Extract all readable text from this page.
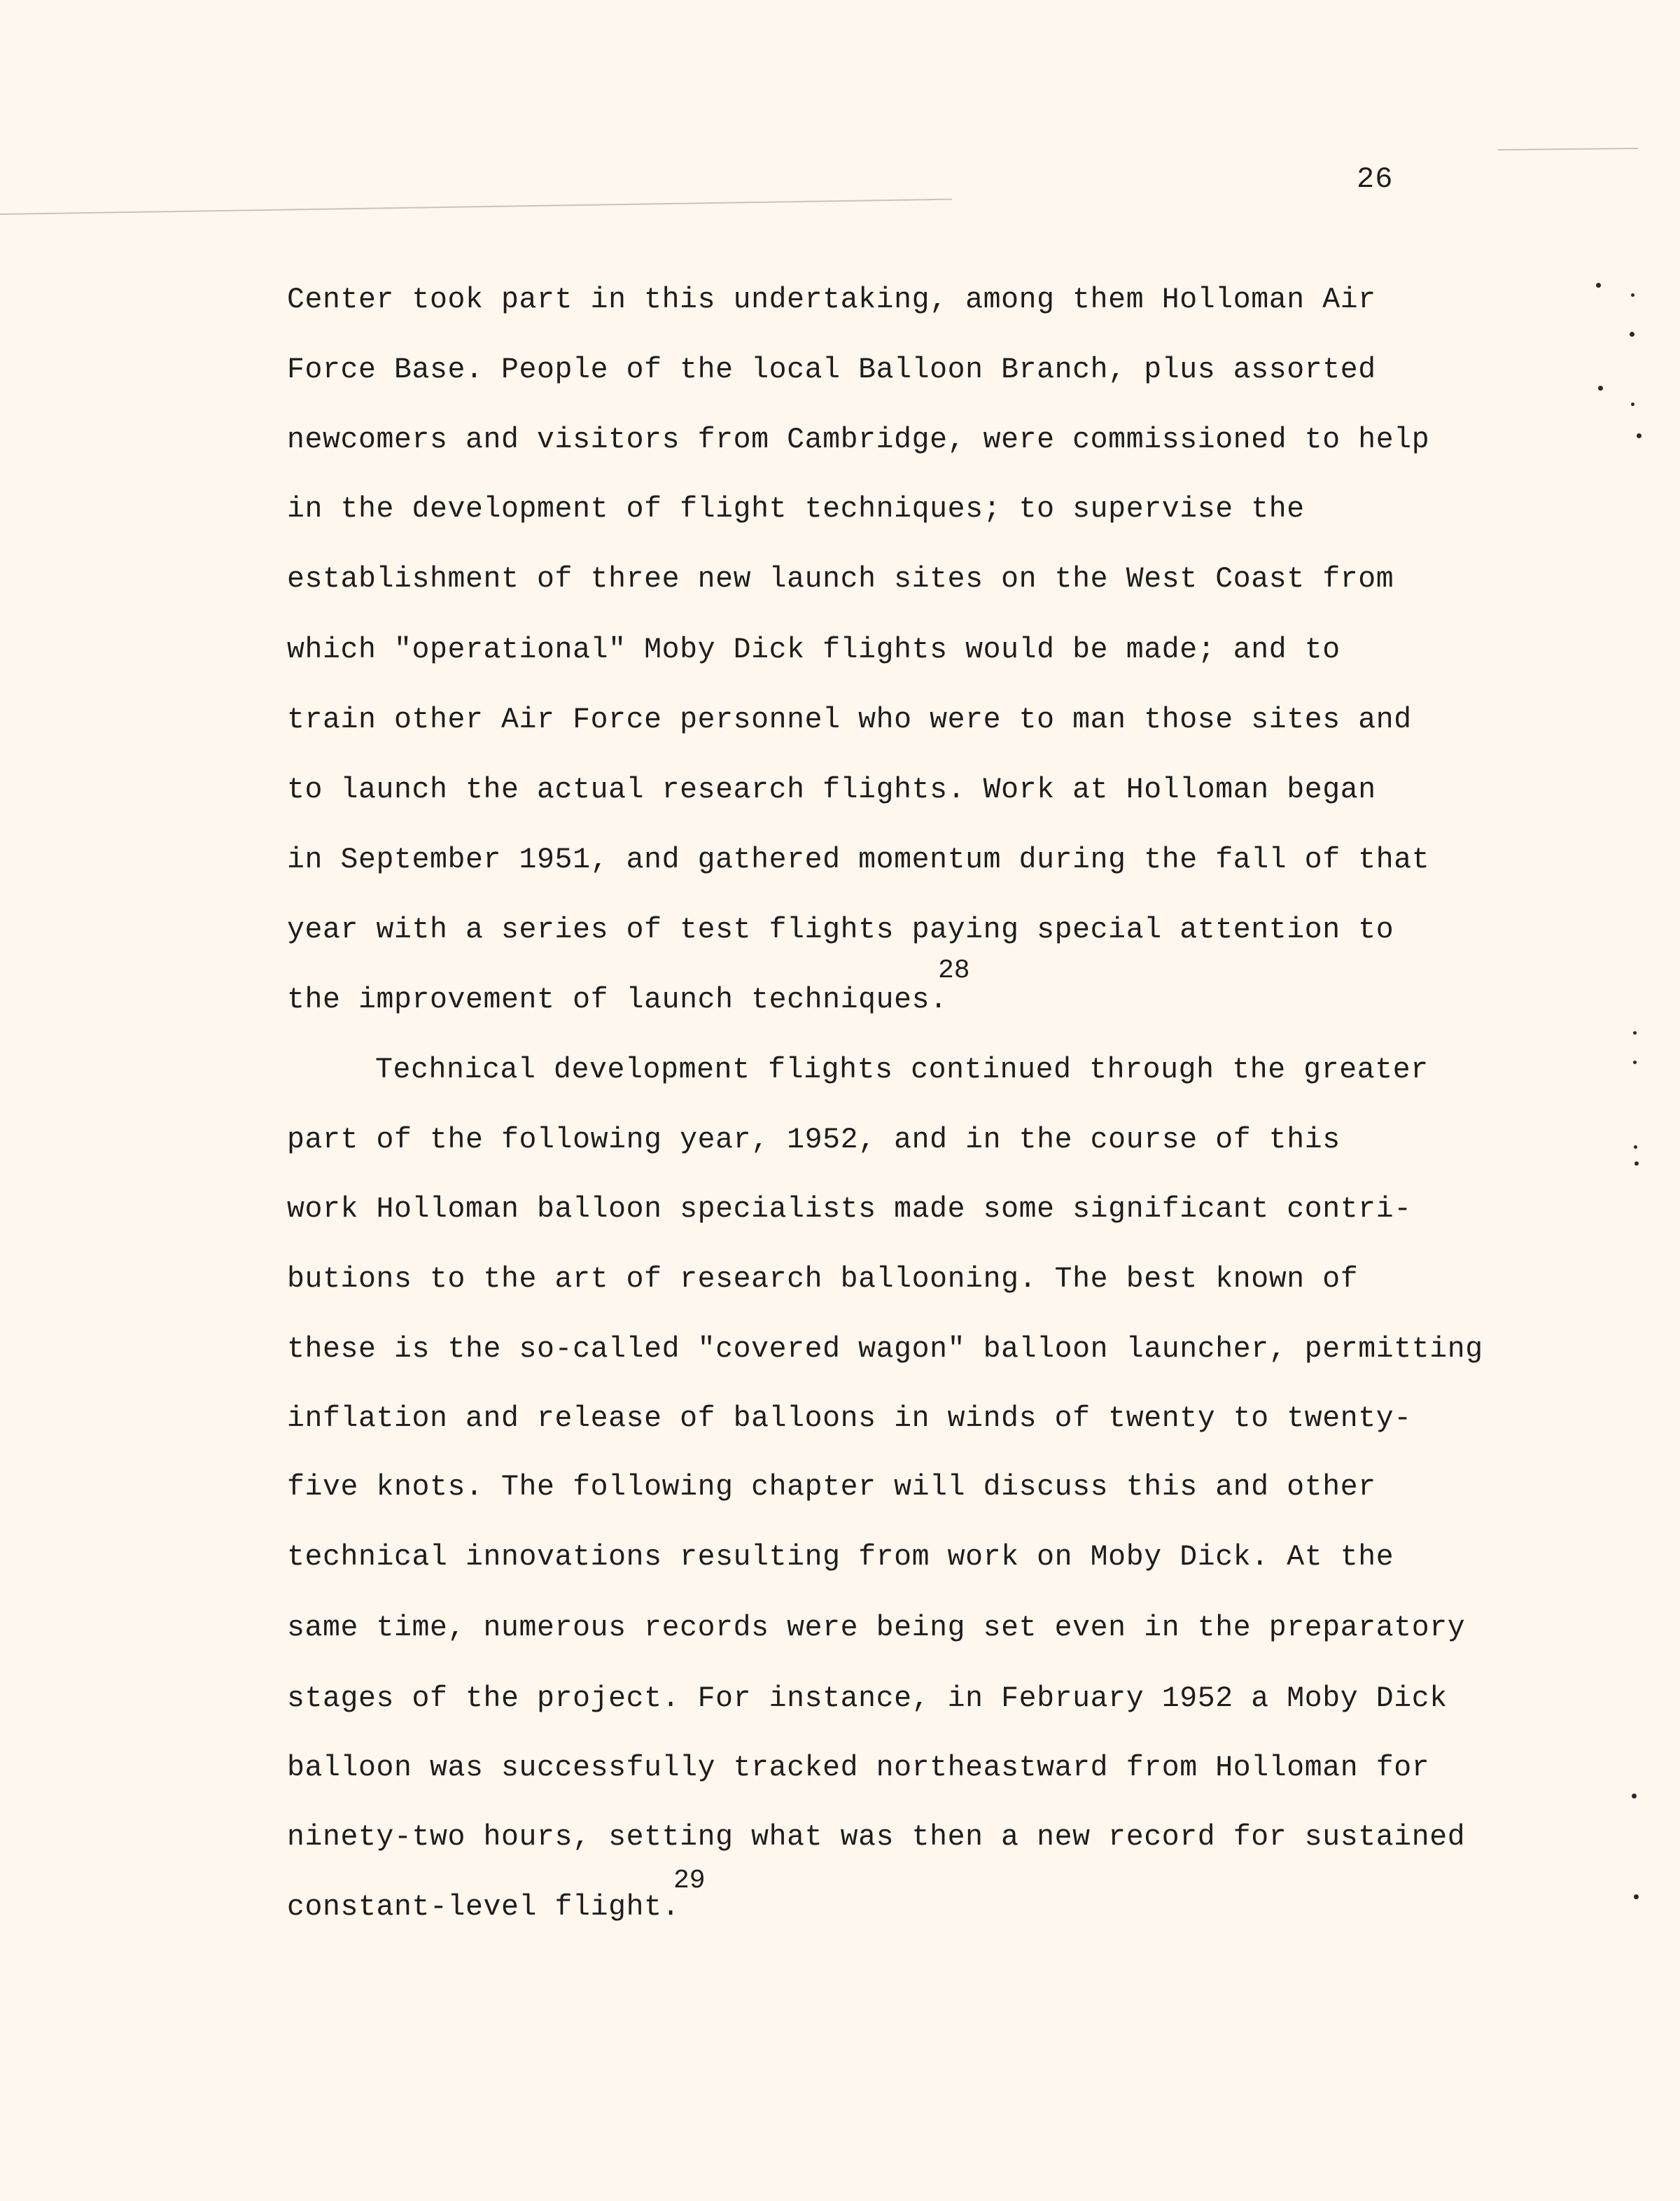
26
Center took part in this undertaking, among them Holloman Air
Force Base. People of the local Balloon Branch, plus assorted
newcomers and visitors from Cambridge, were commissioned to help
in the development of flight techniques; to supervise the
establishment of three new launch sites on the West Coast from
which "operational" Moby Dick flights would be made; and to
train other Air Force personnel who were to man those sites and
to launch the actual research flights. Work at Holloman began
in September 1951, and gathered momentum during the fall of that
year with a series of test flights paying special attention to
the improvement of launch techniques.
28
Technical development flights continued through the greater
part of the following year, 1952, and in the course of this
work Holloman balloon specialists made some significant contri-
butions to the art of research ballooning. The best known of
these is the so-called "covered wagon" balloon launcher, permitting
inflation and release of balloons in winds of twenty to twenty-
five knots. The following chapter will discuss this and other
technical innovations resulting from work on Moby Dick. At the
same time, numerous records were being set even in the preparatory
stages of the project. For instance, in February 1952 a Moby Dick
balloon was successfully tracked northeastward from Holloman for
ninety-two hours, setting what was then a new record for sustained
constant-level flight.
29
